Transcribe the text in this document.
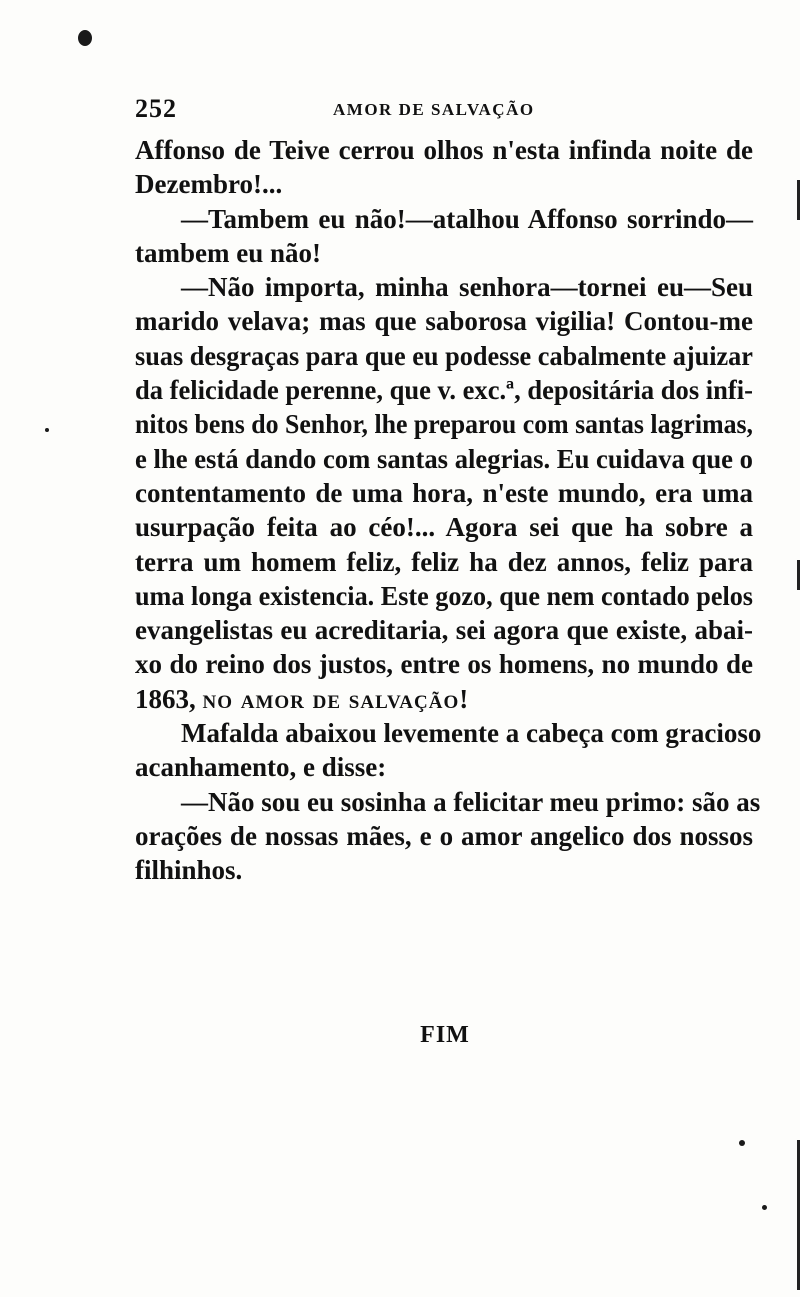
252	AMOR DE SALVAÇÃO
Affonso de Teive cerrou olhos n'esta infinda noite de
Dezembro!...
—Tambem eu não!—atalhou Affonso sorrindo—
tambem eu não!
—Não importa, minha senhora—tornei eu—Seu
marido velava; mas que saborosa vigilia! Contou-me
suas desgraças para que eu podesse cabalmente ajuizar
da felicidade perenne, que v. exc.ª, depositária dos infi-
nitos bens do Senhor, lhe preparou com santas lagrimas,
e lhe está dando com santas alegrias. Eu cuidava que o
contentamento de uma hora, n'este mundo, era uma
usurpação feita ao céo!... Agora sei que ha sobre a
terra um homem feliz, feliz ha dez annos, feliz para
uma longa existencia. Este gozo, que nem contado pelos
evangelistas eu acreditaria, sei agora que existe, abai-
xo do reino dos justos, entre os homens, no mundo de
1863, no amor de salvação!
Mafalda abaixou levemente a cabeça com gracioso
acanhamento, e disse:
—Não sou eu sosinha a felicitar meu primo: são as
orações de nossas mães, e o amor angelico dos nossos
filhinhos.
FIM
